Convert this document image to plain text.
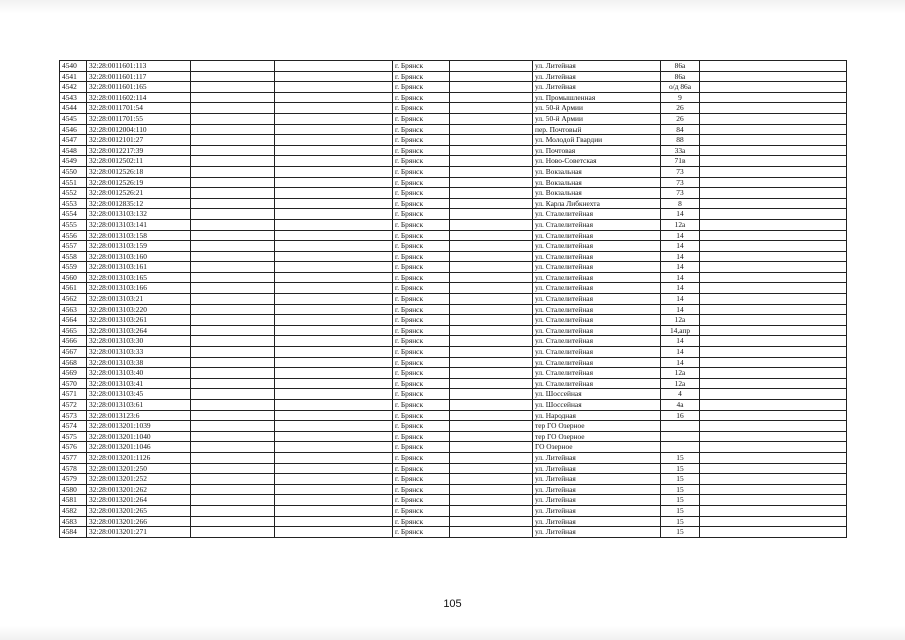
4540	32:28:0011601:113			г. Брянск		ул. Литейная	86а	
4541	32:28:0011601:117			г. Брянск		ул. Литейная	86а	
4542	32:28:0011601:165			г. Брянск		ул. Литейная	о/д 86а	
4543	32:28:0011602:114			г. Брянск		ул. Промышленная	9	
4544	32:28:0011701:54			г. Брянск		ул. 50-й Армии	26	
4545	32:28:0011701:55			г. Брянск		ул. 50-й Армии	26	
4546	32:28:0012004:110			г. Брянск		пер. Почтовый	84	
4547	32:28:0012101:27			г. Брянск		ул. Молодой Гвардии	88	
4548	32:28:0012217:39			г. Брянск		ул. Почтовая	33а	
4549	32:28:0012502:11			г. Брянск		ул. Ново-Советская	71в	
4550	32:28:0012526:18			г. Брянск		ул. Вокзальная	73	
4551	32:28:0012526:19			г. Брянск		ул. Вокзальная	73	
4552	32:28:0012526:21			г. Брянск		ул. Вокзальная	73	
4553	32:28:0012835:12			г. Брянск		ул. Карла Либкнехта	8	
4554	32:28:0013103:132			г. Брянск		ул. Сталелитейная	14	
4555	32:28:0013103:141			г. Брянск		ул. Сталелитейная	12а	
4556	32:28:0013103:158			г. Брянск		ул. Сталелитейная	14	
4557	32:28:0013103:159			г. Брянск		ул. Сталелитейная	14	
4558	32:28:0013103:160			г. Брянск		ул. Сталелитейная	14	
4559	32:28:0013103:161			г. Брянск		ул. Сталелитейная	14	
4560	32:28:0013103:165			г. Брянск		ул. Сталелитейная	14	
4561	32:28:0013103:166			г. Брянск		ул. Сталелитейная	14	
4562	32:28:0013103:21			г. Брянск		ул. Сталелитейная	14	
4563	32:28:0013103:220			г. Брянск		ул. Сталелитейная	14	
4564	32:28:0013103:261			г. Брянск		ул. Сталелитейная	12а	
4565	32:28:0013103:264			г. Брянск		ул. Сталелитейная	14,апр	
4566	32:28:0013103:30			г. Брянск		ул. Сталелитейная	14	
4567	32:28:0013103:33			г. Брянск		ул. Сталелитейная	14	
4568	32:28:0013103:38			г. Брянск		ул. Сталелитейная	14	
4569	32:28:0013103:40			г. Брянск		ул. Сталелитейная	12а	
4570	32:28:0013103:41			г. Брянск		ул. Сталелитейная	12а	
4571	32:28:0013103:45			г. Брянск		ул. Шоссейная	4	
4572	32:28:0013103:61			г. Брянск		ул. Шоссейная	4а	
4573	32:28:0013123:6			г. Брянск		ул. Народная	16	
4574	32:28:0013201:1039			г. Брянск		тер ГО Озерное		
4575	32:28:0013201:1040			г. Брянск		тер ГО Озерное		
4576	32:28:0013201:1046			г. Брянск		ГО Озерное		
4577	32:28:0013201:1126			г. Брянск		ул. Литейная	15	
4578	32:28:0013201:250			г. Брянск		ул. Литейная	15	
4579	32:28:0013201:252			г. Брянск		ул. Литейная	15	
4580	32:28:0013201:262			г. Брянск		ул. Литейная	15	
4581	32:28:0013201:264			г. Брянск		ул. Литейная	15	
4582	32:28:0013201:265			г. Брянск		ул. Литейная	15	
4583	32:28:0013201:266			г. Брянск		ул. Литейная	15	
4584	32:28:0013201:271			г. Брянск		ул. Литейная	15	
105
